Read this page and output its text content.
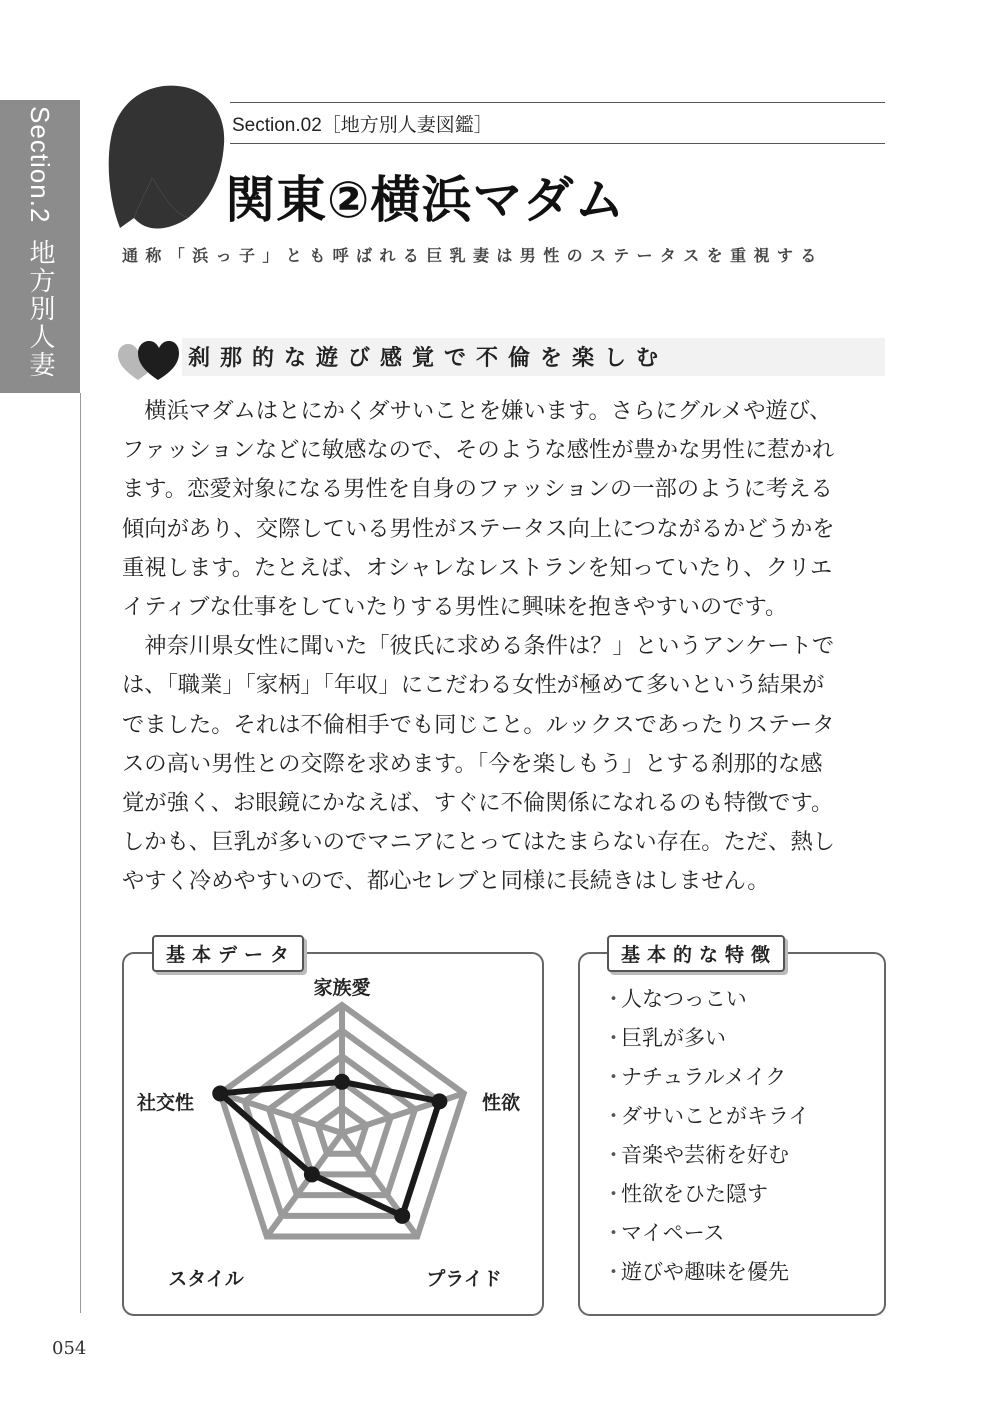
Section.2
地方別人妻
Section.02［地方別人妻図鑑］
関東②横浜マダム
通称「浜っ子」とも呼ばれる巨乳妻は男性のステータスを重視する
刹那的な遊び感覚で不倫を楽しむ

　横浜マダムはとにかくダサいことを嫌います。さらにグルメや遊び、

ファッションなどに敏感なので、そのような感性が豊かな男性に惹かれ

ます。恋愛対象になる男性を自身のファッションの一部のように考える

傾向があり、交際している男性がステータス向上につながるかどうかを

重視します。たとえば、オシャレなレストランを知っていたり、クリエ

イティブな仕事をしていたりする男性に興味を抱きやすいのです。

　神奈川県女性に聞いた「彼氏に求める条件は？」というアンケートで

は、「職業」「家柄」「年収」にこだわる女性が極めて多いという結果が

でました。それは不倫相手でも同じこと。ルックスであったりステータ

スの高い男性との交際を求めます。「今を楽しもう」とする刹那的な感

覚が強く、お眼鏡にかなえば、すぐに不倫関係になれるのも特徴です。

しかも、巨乳が多いのでマニアにとってはたまらない存在。ただ、熱し

やすく冷めやすいので、都心セレブと同様に長続きはしません。

家族愛
性欲
プライド
スタイル
社交性
基本データ	基本的な特徴
・人なつっこい
・巨乳が多い
・ナチュラルメイク
・ダサいことがキライ
・音楽や芸術を好む
・性欲をひた隠す
・マイペース
・遊びや趣味を優先
054
